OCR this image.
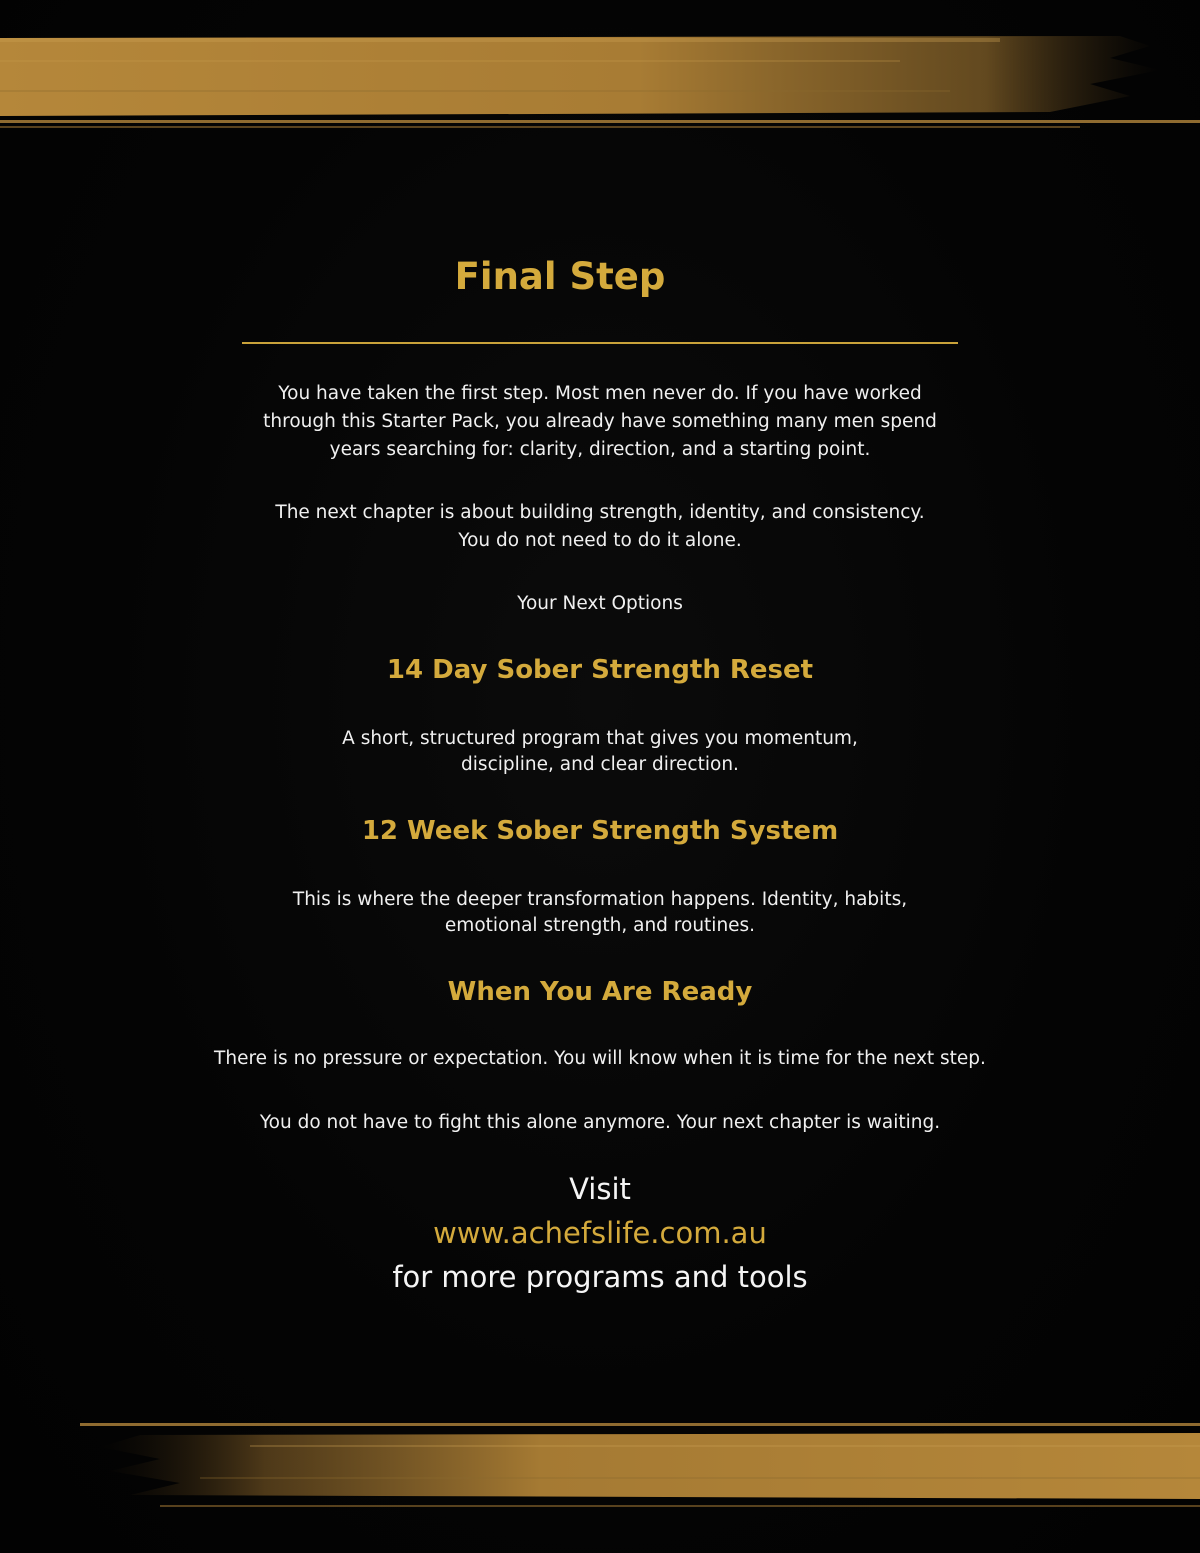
Final Step

You have taken the first step. Most men never do. If you have worked
through this Starter Pack, you already have something many men spend
years searching for: clarity, direction, and a starting point.

The next chapter is about building strength, identity, and consistency.
You do not need to do it alone.

Your Next Options

14 Day Sober Strength Reset

A short, structured program that gives you momentum,
discipline, and clear direction.

12 Week Sober Strength System

This is where the deeper transformation happens. Identity, habits,
emotional strength, and routines.

When You Are Ready

There is no pressure or expectation. You will know when it is time for the next step.

You do not have to fight this alone anymore. Your next chapter is waiting.

Visit

www.achefslife.com.au

for more programs and tools
